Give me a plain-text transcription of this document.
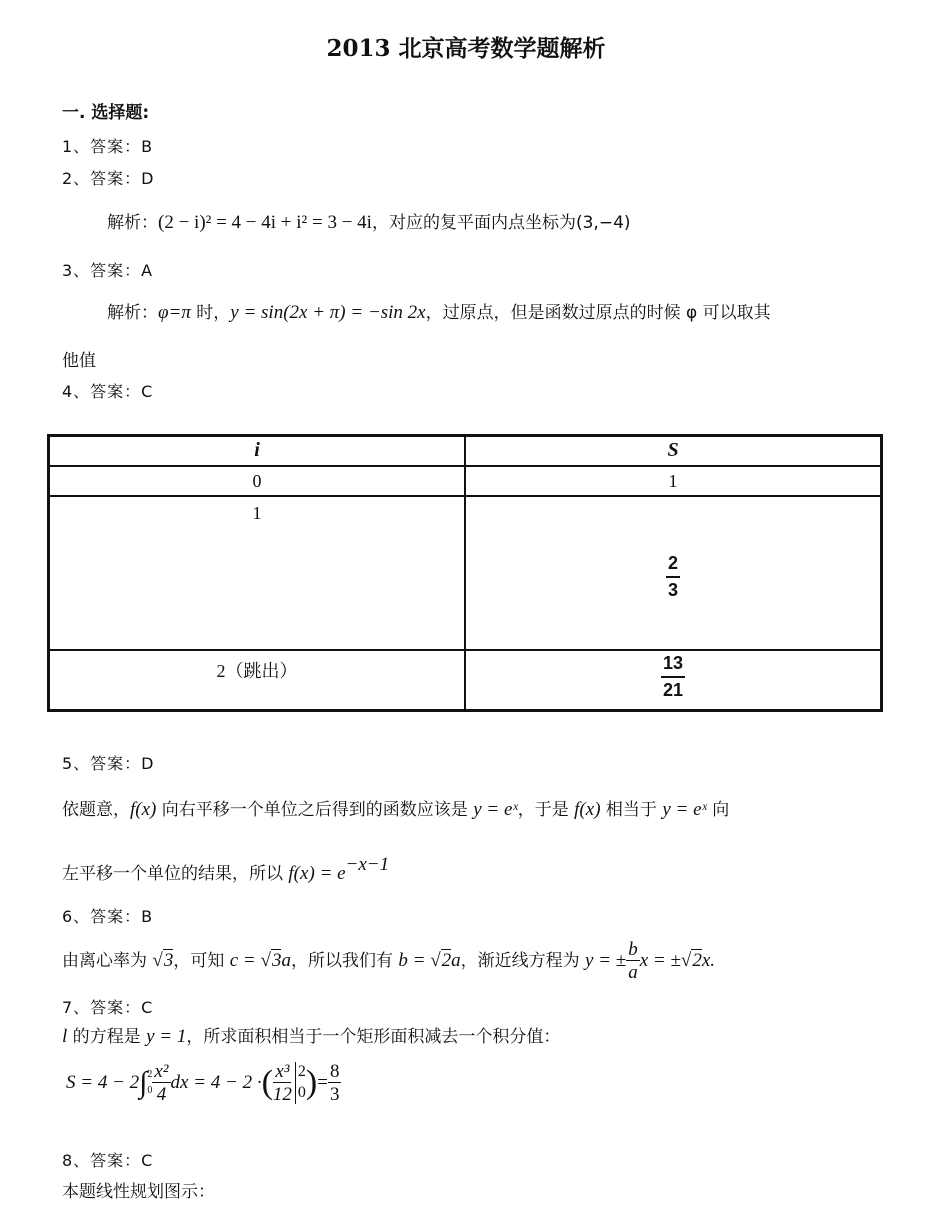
2013 北京高考数学题解析
一. 选择题:
1、答案：B
2、答案：D
解析：(2 − i)² = 4 − 4i + i² = 3 − 4i，对应的复平面内点坐标为(3,−4)
3、答案：A
解析：φ=π 时，y = sin(2x + π) = −sin 2x，过原点，但是函数过原点的时候 φ 可以取其
他值
4、答案：C
i	S
0	1
1	$\frac{2}{3}$

2（跳出）	$\frac{13}{21}$
5、答案：D
依题意，f(x) 向右平移一个单位之后得到的函数应该是 y = eˣ，于是 f(x) 相当于 y = eˣ 向
左平移一个单位的结果，所以 $f(x) = e^{-x-1}$
6、答案：B
由离心率为 √3，可知 c = √3a，所以我们有 b = √2a，渐近线方程为 y = ± $\frac{b}{a}$ x = ±√2x.
7、答案：C
l 的方程是 y = 1，所求面积相当于一个矩形面积减去一个积分值：
S = 4 − 2 ∫ 2
$0 \frac{\text{x²}}{4}$ dx = 4 − 2 · ( $\frac{\text{x³}}{12} 2$
0 ) = $\frac{8}{3}$
8、答案：C
本题线性规划图示：
